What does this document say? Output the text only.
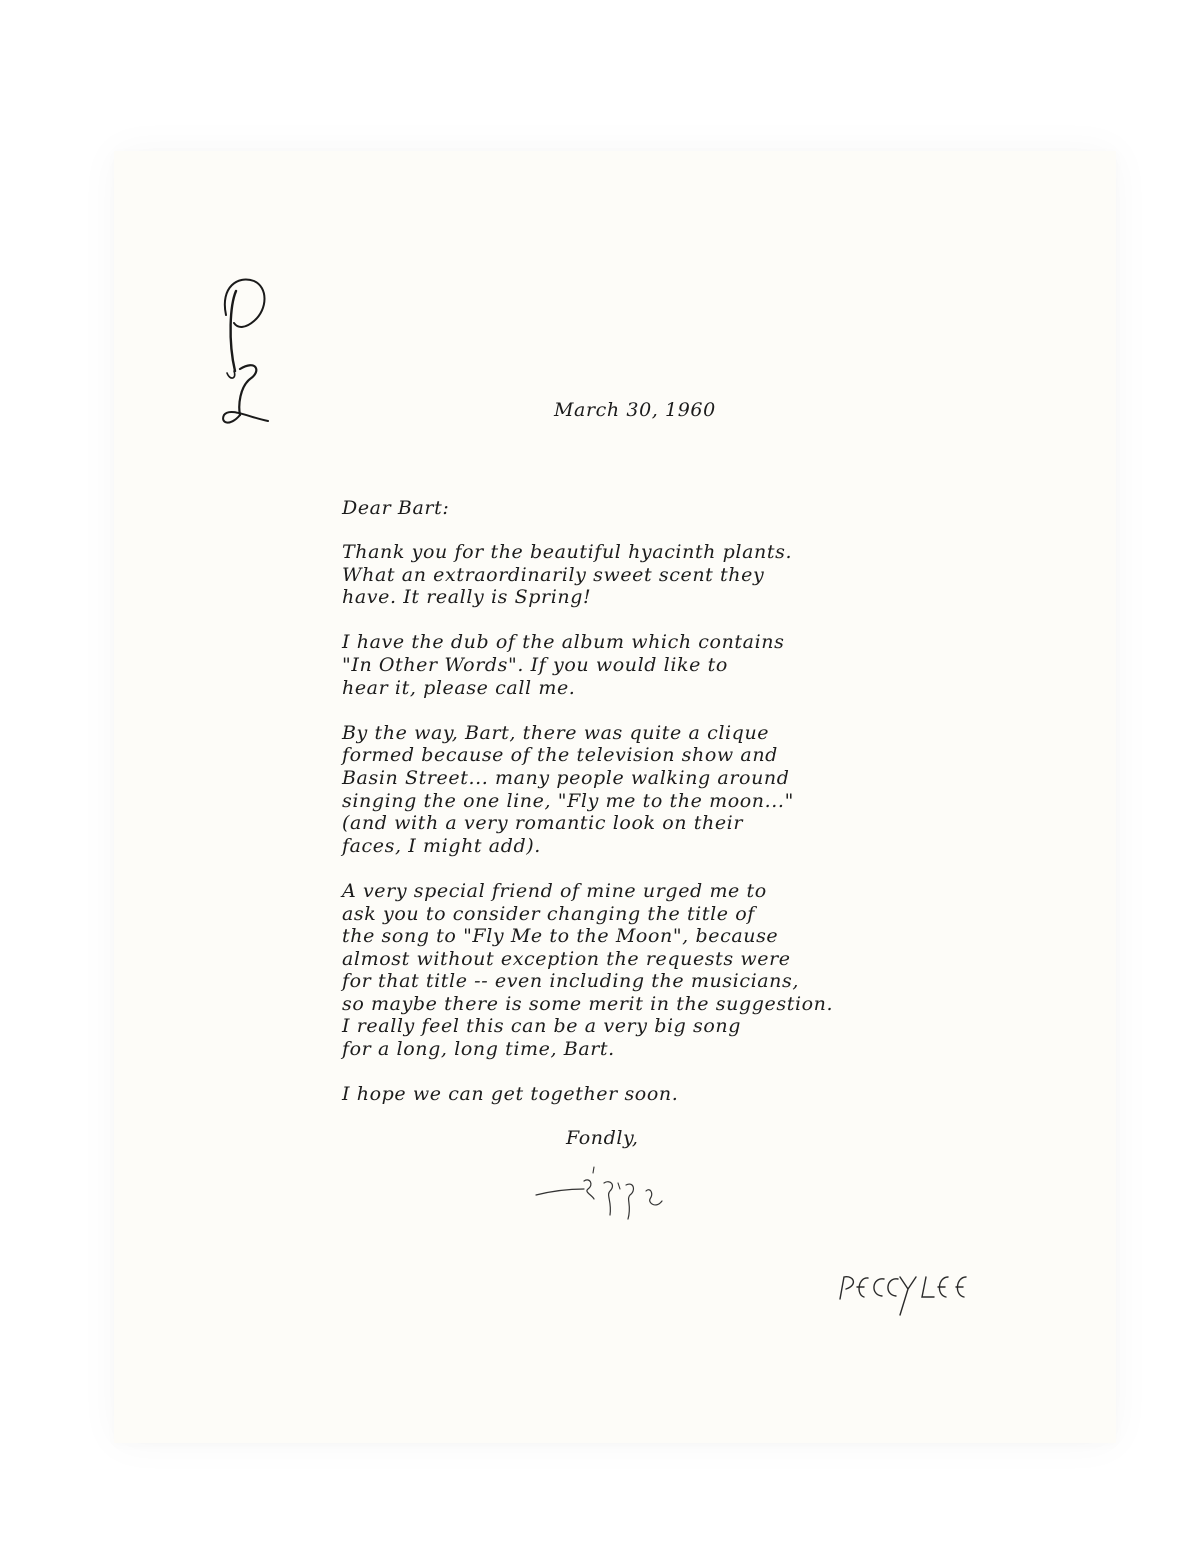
March 30, 1960
Dear Bart:

Thank you for the beautiful hyacinth plants.
What an extraordinarily sweet scent they
have. It really is Spring!

I have the dub of the album which contains
"In Other Words". If you would like to
hear it, please call me.

By the way, Bart, there was quite a clique
formed because of the television show and
Basin Street... many people walking around
singing the one line, "Fly me to the moon..."
(and with a very romantic look on their
faces, I might add).

A very special friend of mine urged me to
ask you to consider changing the title of
the song to "Fly Me to the Moon", because
almost without exception the requests were
for that title -- even including the musicians,
so maybe there is some merit in the suggestion.
I really feel this can be a very big song
for a long, long time, Bart.

I hope we can get together soon.

Fondly,
